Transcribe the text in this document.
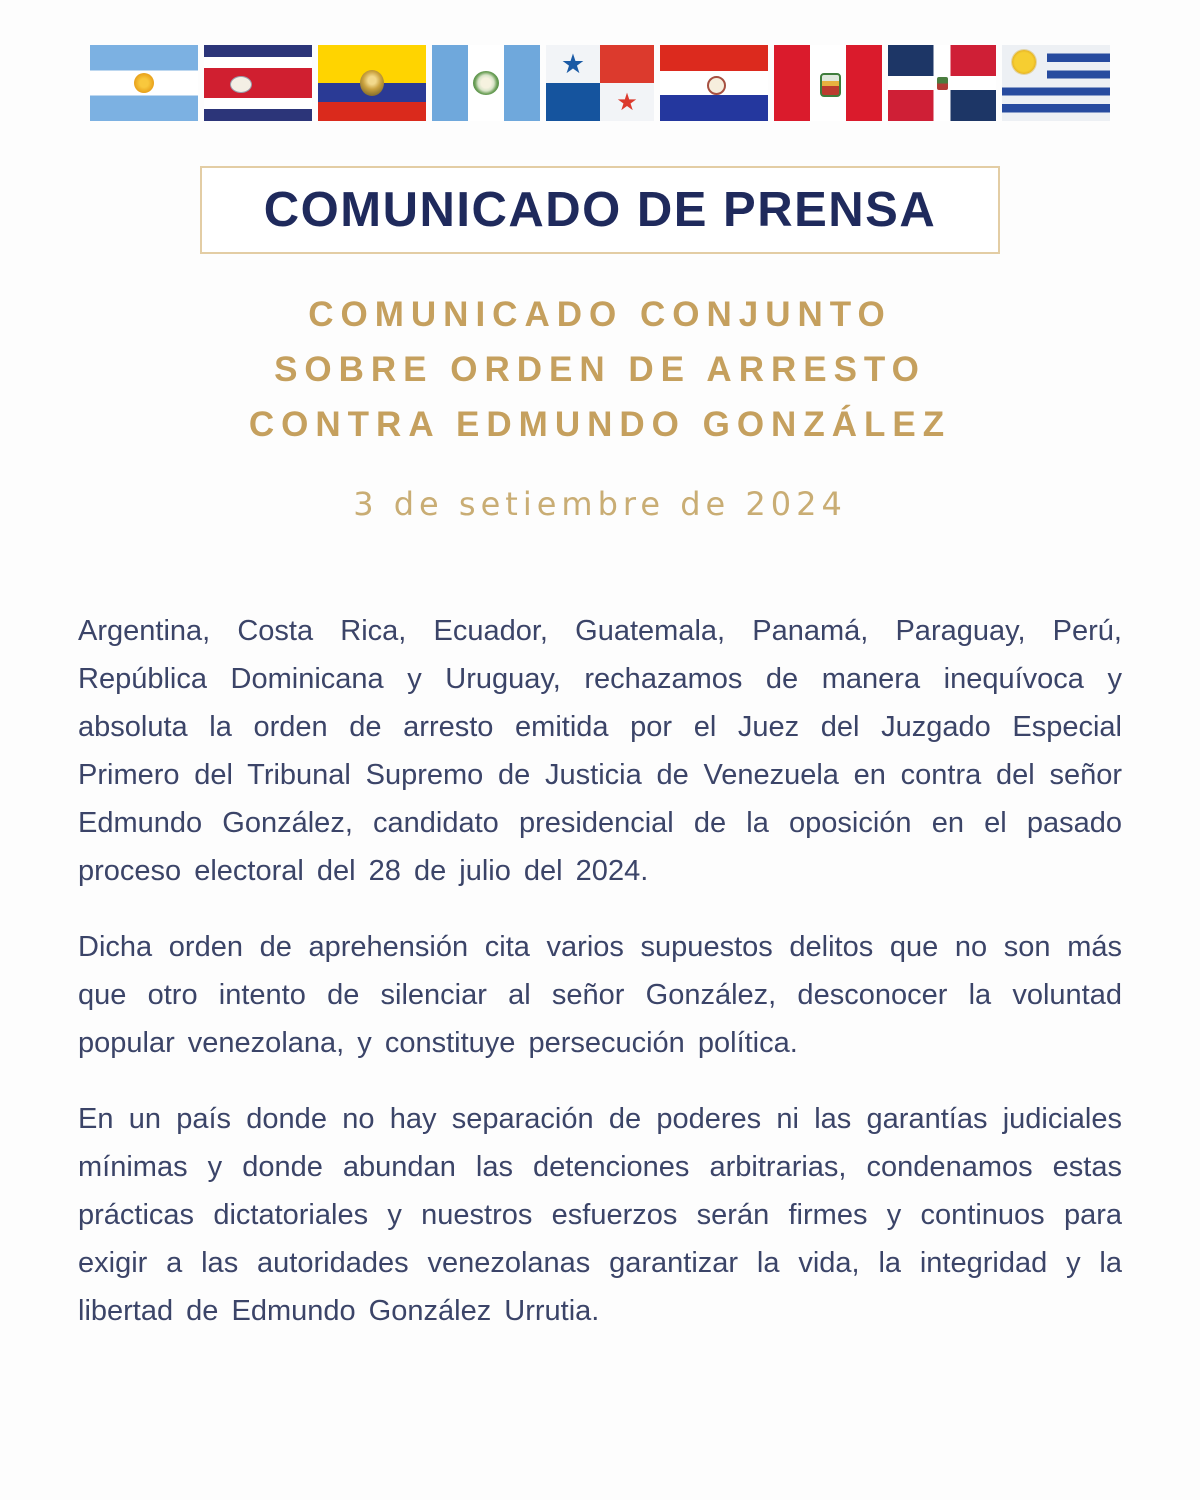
★ ★
COMUNICADO DE PRENSA
COMUNICADO CONJUNTO
SOBRE ORDEN DE ARRESTO
CONTRA EDMUNDO GONZÁLEZ
3 de setiembre de 2024

Argentina, Costa Rica, Ecuador, Guatemala, Panamá, Paraguay, Perú, República Dominicana y Uruguay, rechazamos de manera inequívoca y absoluta la orden de arresto emitida por el Juez del Juzgado Especial Primero del Tribunal Supremo de Justicia de Venezuela en contra del señor Edmundo González, candidato presidencial de la oposición en el pasado proceso electoral del 28 de julio del 2024.

Dicha orden de aprehensión cita varios supuestos delitos que no son más que otro intento de silenciar al señor González, desconocer la voluntad popular venezolana, y constituye persecución política.

En un país donde no hay separación de poderes ni las garantías judiciales mínimas y donde abundan las detenciones arbitrarias, condenamos estas prácticas dictatoriales y nuestros esfuerzos serán firmes y continuos para exigir a las autoridades venezolanas garantizar la vida, la integridad y la libertad de Edmundo González Urrutia.
